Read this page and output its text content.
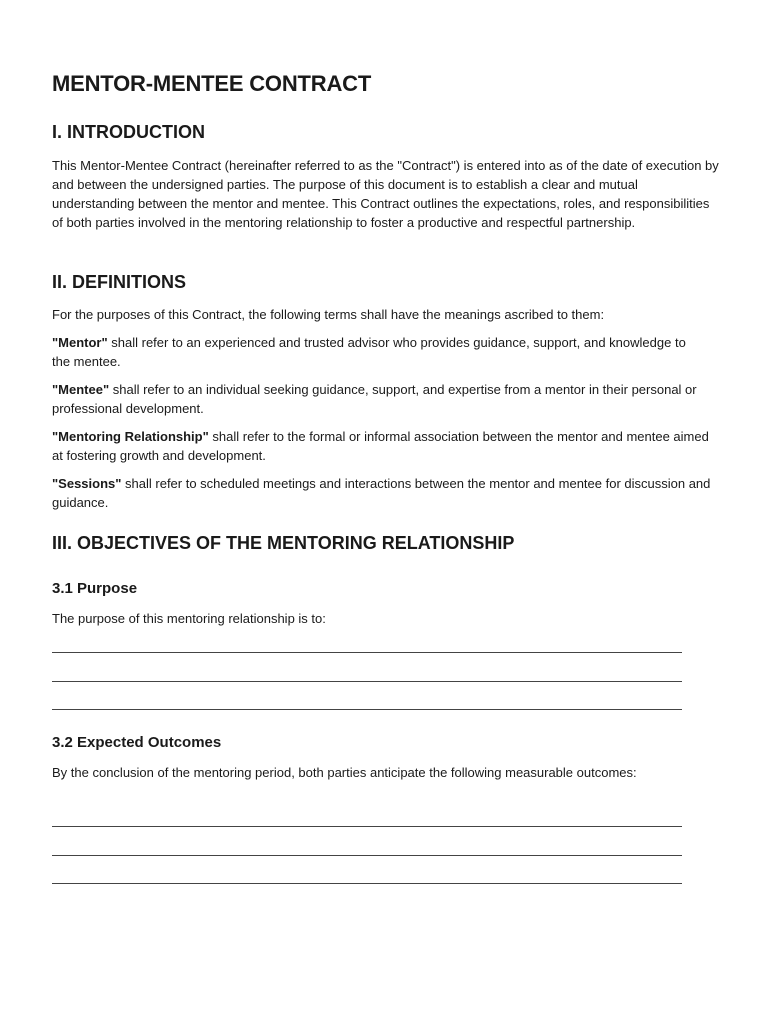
MENTOR-MENTEE CONTRACT
I. INTRODUCTION

This Mentor-Mentee Contract (hereinafter referred to as the "Contract") is entered into as of the date of execution by and between the undersigned parties. The purpose of this document is to establish a clear and mutual understanding between the mentor and mentee. This Contract outlines the expectations, roles, and responsibilities of both parties involved in the mentoring relationship to foster a productive and respectful partnership.

II. DEFINITIONS

For the purposes of this Contract, the following terms shall have the meanings ascribed to them:

"Mentor" shall refer to an experienced and trusted advisor who provides guidance, support, and knowledge to the mentee.

"Mentee" shall refer to an individual seeking guidance, support, and expertise from a mentor in their personal or professional development.

"Mentoring Relationship" shall refer to the formal or informal association between the mentor and mentee aimed at fostering growth and development.

"Sessions" shall refer to scheduled meetings and interactions between the mentor and mentee for discussion and guidance.

III. OBJECTIVES OF THE MENTORING RELATIONSHIP
3.1 Purpose

The purpose of this mentoring relationship is to:

3.2 Expected Outcomes

By the conclusion of the mentoring period, both parties anticipate the following measurable outcomes:
